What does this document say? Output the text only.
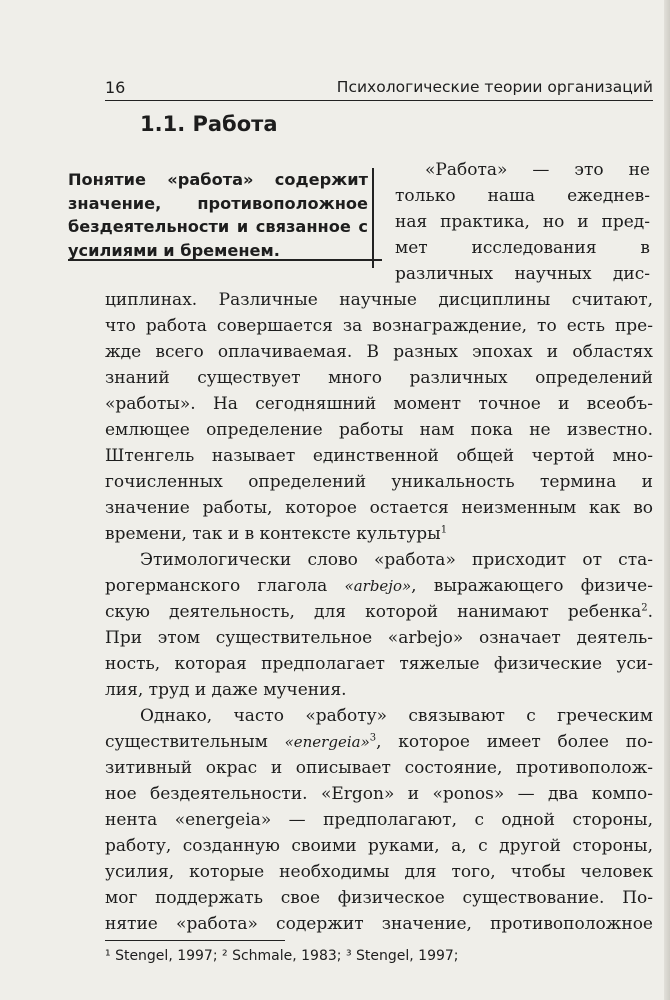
16	Психологические теории организаций
1.1. Работа
Понятие «работа» содержит значение, противоположное бездеятельности и связанное с усилиями и бременем.
«Работа» — это не
только наша ежеднев-
ная практика, но и пред-
мет исследования в
различных научных дис-
циплинах. Различные научные дисциплины считают,
что работа совершается за вознаграждение, то есть пре-
жде всего оплачиваемая. В разных эпохах и областях
знаний существует много различных определений
«работы». На сегодняшний момент точное и всеобъ-
емлющее определение работы нам пока не известно.
Штенгель называет единственной общей чертой мно-
гочисленных определений уникальность термина и
значение работы, которое остается неизменным как во
времени, так и в контексте культуры$^1$
Этимологически слово «работа» присходит от ста-
рогерманского глагола «arbejo», выражающего физиче-
скую деятельность, для которой нанимают ребенка$^2$.
При этом существительное «arbejo» означает деятель-
ность, которая предполагает тяжелые физические уси-
лия, труд и даже мучения.
Однако, часто «работу» связывают с греческим
существительным «energeia»$^3$, которое имеет более по-
зитивный окрас и описывает состояние, противополож-
ное бездеятельности. «Ergon» и «ponos» — два компо-
нента «energeia» — предполагают, с одной стороны,
работу, созданную своими руками, а, с другой стороны,
усилия, которые необходимы для того, чтобы человек
мог поддержать свое физическое существование. По-
нятие «работа» содержит значение, противоположное
¹ Stengel, 1997; ² Schmale, 1983; ³ Stengel, 1997;
